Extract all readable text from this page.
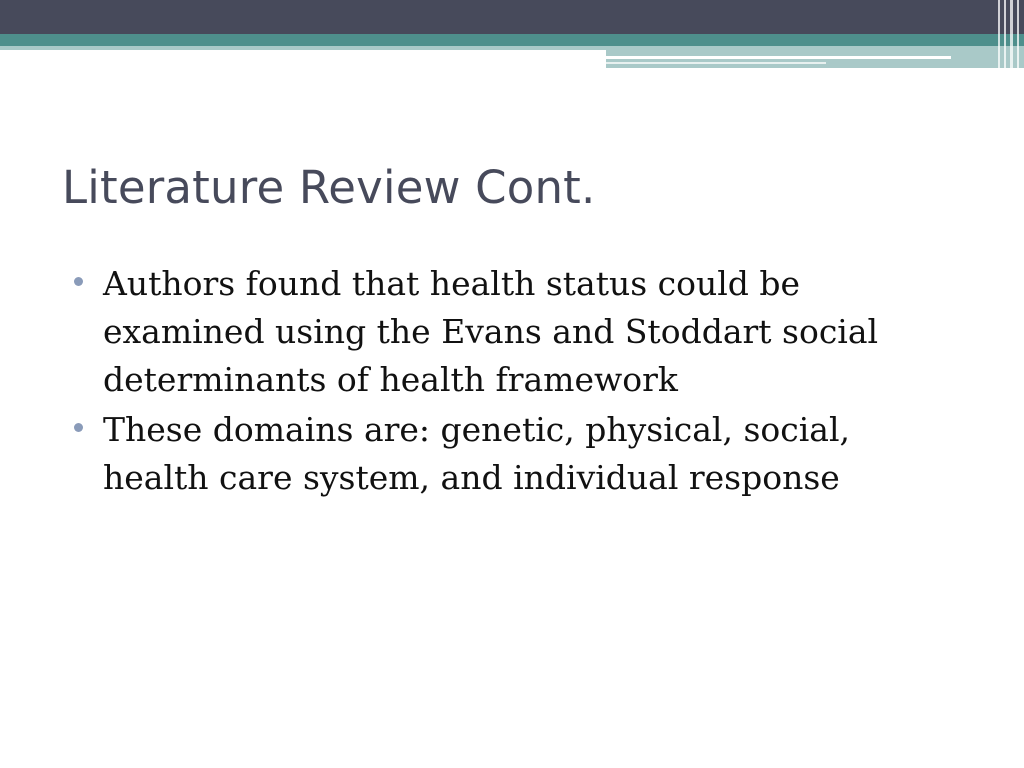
Literature Review Cont.
Authors found that health status could be examined using the Evans and Stoddart social determinants of health framework
These domains are: genetic, physical, social, health care system, and individual response
